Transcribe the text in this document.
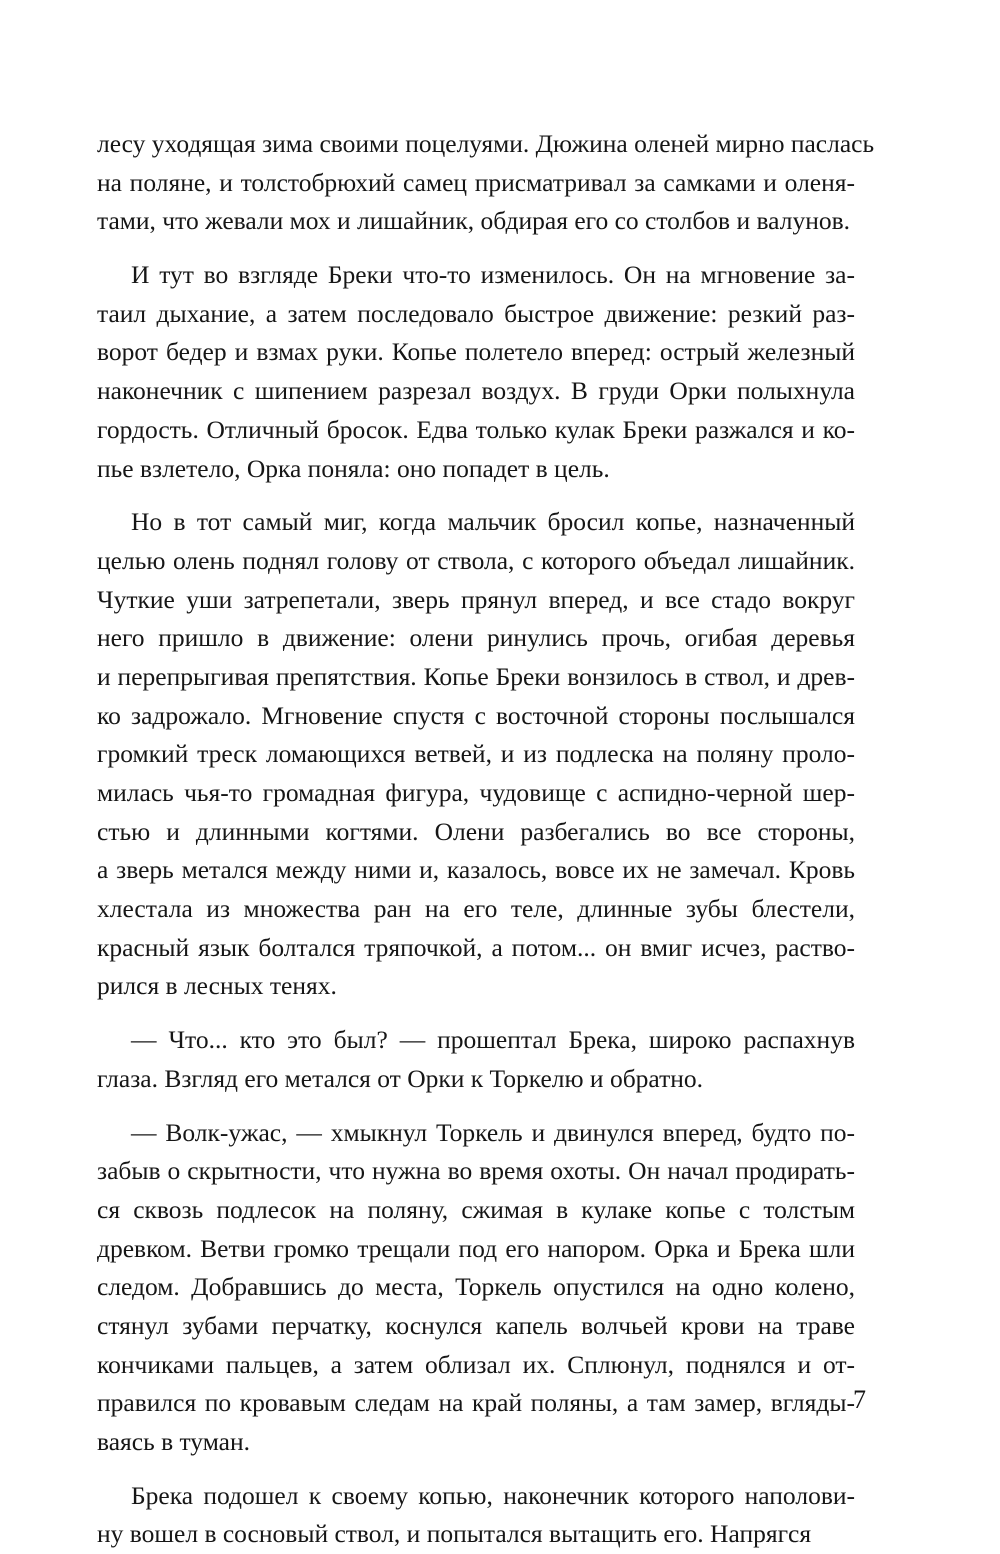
лесу уходящая зима своими поцелуями. Дюжина оленей мирно паслась
на поляне, и толстобрюхий самец присматривал за самками и оленя-
тами, что жевали мох и лишайник, обдирая его со столбов и валунов.
И тут во взгляде Бреки что-то изменилось. Он на мгновение за-
таил дыхание, а затем последовало быстрое движение: резкий раз-
ворот бедер и взмах руки. Копье полетело вперед: острый железный
наконечник с шипением разрезал воздух. В груди Орки полыхнула
гордость. Отличный бросок. Едва только кулак Бреки разжался и ко-
пье взлетело, Орка поняла: оно попадет в цель.
Но в тот самый миг, когда мальчик бросил копье, назначенный
целью олень поднял голову от ствола, с которого объедал лишайник.
Чуткие уши затрепетали, зверь прянул вперед, и все стадо вокруг
него пришло в движение: олени ринулись прочь, огибая деревья
и перепрыгивая препятствия. Копье Бреки вонзилось в ствол, и древ-
ко задрожало. Мгновение спустя с восточной стороны послышался
громкий треск ломающихся ветвей, и из подлеска на поляну проло-
милась чья-то громадная фигура, чудовище с аспидно-черной шер-
стью и длинными когтями. Олени разбегались во все стороны,
а зверь метался между ними и, казалось, вовсе их не замечал. Кровь
хлестала из множества ран на его теле, длинные зубы блестели,
красный язык болтался тряпочкой, а потом... он вмиг исчез, раство-
рился в лесных тенях.
— Что... кто это был? — прошептал Брека, широко распахнув
глаза. Взгляд его метался от Орки к Торкелю и обратно.
— Волк-ужас, — хмыкнул Торкель и двинулся вперед, будто по-
забыв о скрытности, что нужна во время охоты. Он начал продирать-
ся сквозь подлесок на поляну, сжимая в кулаке копье с толстым
древком. Ветви громко трещали под его напором. Орка и Брека шли
следом. Добравшись до места, Торкель опустился на одно колено,
стянул зубами перчатку, коснулся капель волчьей крови на траве
кончиками пальцев, а затем облизал их. Сплюнул, поднялся и от-
правился по кровавым следам на край поляны, а там замер, вгляды-
ваясь в туман.
Брека подошел к своему копью, наконечник которого наполови-
ну вошел в сосновый ствол, и попытался вытащить его. Напрягся
7
